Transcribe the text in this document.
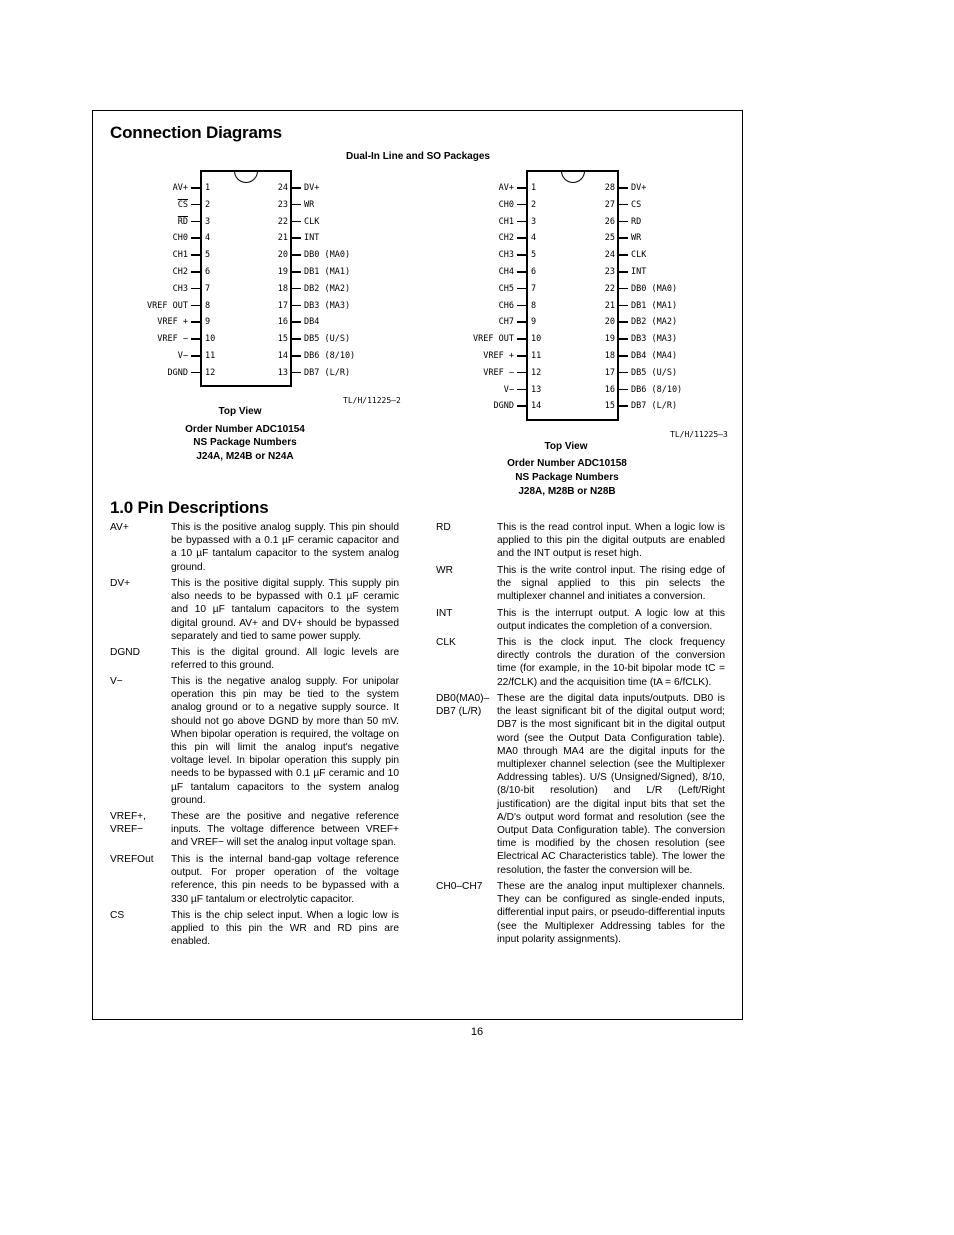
Connection Diagrams
Dual-In Line and SO Packages
AV+ 1
$\overline{CS}$ 2
$\overline{RD}$ 3
CH0 4
CH1 5
CH2 6
CH3 7
VREF OUT 8
VREF + 9
VREF − 10
V− 11
DGND 12
24 DV+
23 WR
22 CLK
21 INT
20 DB0 (MA0)
19 DB1 (MA1)
18 DB2 (MA2)
17 DB3 (MA3)
16 DB4
15 DB5 (U/S)
14 DB6 (8/10)
13 DB7 (L/R)
TL/H/11225–2
Top View
Order Number ADC10154
NS Package Numbers
J24A, M24B or N24A
AV+ 1
CH0 2
CH1 3
CH2 4
CH3 5
CH4 6
CH5 7
CH6 8
CH7 9
VREF OUT 10
VREF + 11
VREF − 12
V− 13
DGND 14
28 DV+
27 CS
26 RD
25 WR
24 CLK
23 INT
22 DB0 (MA0)
21 DB1 (MA1)
20 DB2 (MA2)
19 DB3 (MA3)
18 DB4 (MA4)
17 DB5 (U/S)
16 DB6 (8/10)
15 DB7 (L/R)
TL/H/11225–3
Top View
Order Number ADC10158
NS Package Numbers
J28A, M28B or N28B
1.0 Pin Descriptions
AV+	This is the positive analog supply. This pin should be bypassed with a 0.1 µF ceramic capacitor and a 10 µF tantalum capacitor to the system analog ground.
DV+	This is the positive digital supply. This supply pin also needs to be bypassed with 0.1 µF ceramic and 10 µF tantalum capacitors to the system digital ground. AV+ and DV+ should be bypassed separately and tied to same power supply.
DGND	This is the digital ground. All logic levels are referred to this ground.
V−	This is the negative analog supply. For unipolar operation this pin may be tied to the system analog ground or to a negative supply source. It should not go above DGND by more than 50 mV. When bipolar operation is required, the voltage on this pin will limit the analog input's negative voltage level. In bipolar operation this supply pin needs to be bypassed with 0.1 µF ceramic and 10 µF tantalum capacitors to the system analog ground.
VREF+, VREF−
These are the positive and negative reference inputs. The voltage difference between VREF+ and VREF− will set the analog input voltage span.
VREFOut	This is the internal band-gap voltage reference output. For proper operation of the voltage reference, this pin needs to be bypassed with a 330 µF tantalum or electrolytic capacitor.
CS	This is the chip select input. When a logic low is applied to this pin the WR and RD pins are enabled.
RD	This is the read control input. When a logic low is applied to this pin the digital outputs are enabled and the INT output is reset high.
WR	This is the write control input. The rising edge of the signal applied to this pin selects the multiplexer channel and initiates a conversion.
INT	This is the interrupt output. A logic low at this output indicates the completion of a conversion.
CLK	This is the clock input. The clock frequency directly controls the duration of the conversion time (for example, in the 10-bit bipolar mode tC = 22/fCLK) and the acquisition time (tA = 6/fCLK).
DB0(MA0)– DB7 (L/R)
These are the digital data inputs/outputs. DB0 is the least significant bit of the digital output word; DB7 is the most significant bit in the digital output word (see the Output Data Configuration table). MA0 through MA4 are the digital inputs for the multiplexer channel selection (see the Multiplexer Addressing tables). U/S (Unsigned/Signed), 8/10, (8/10-bit resolution) and L/R (Left/Right justification) are the digital input bits that set the A/D's output word format and resolution (see the Output Data Configuration table). The conversion time is modified by the chosen resolution (see Electrical AC Characteristics table). The lower the resolution, the faster the conversion will be.
CH0–CH7	These are the analog input multiplexer channels. They can be configured as single-ended inputs, differential input pairs, or pseudo-differential inputs (see the Multiplexer Addressing tables for the input polarity assignments).
16
